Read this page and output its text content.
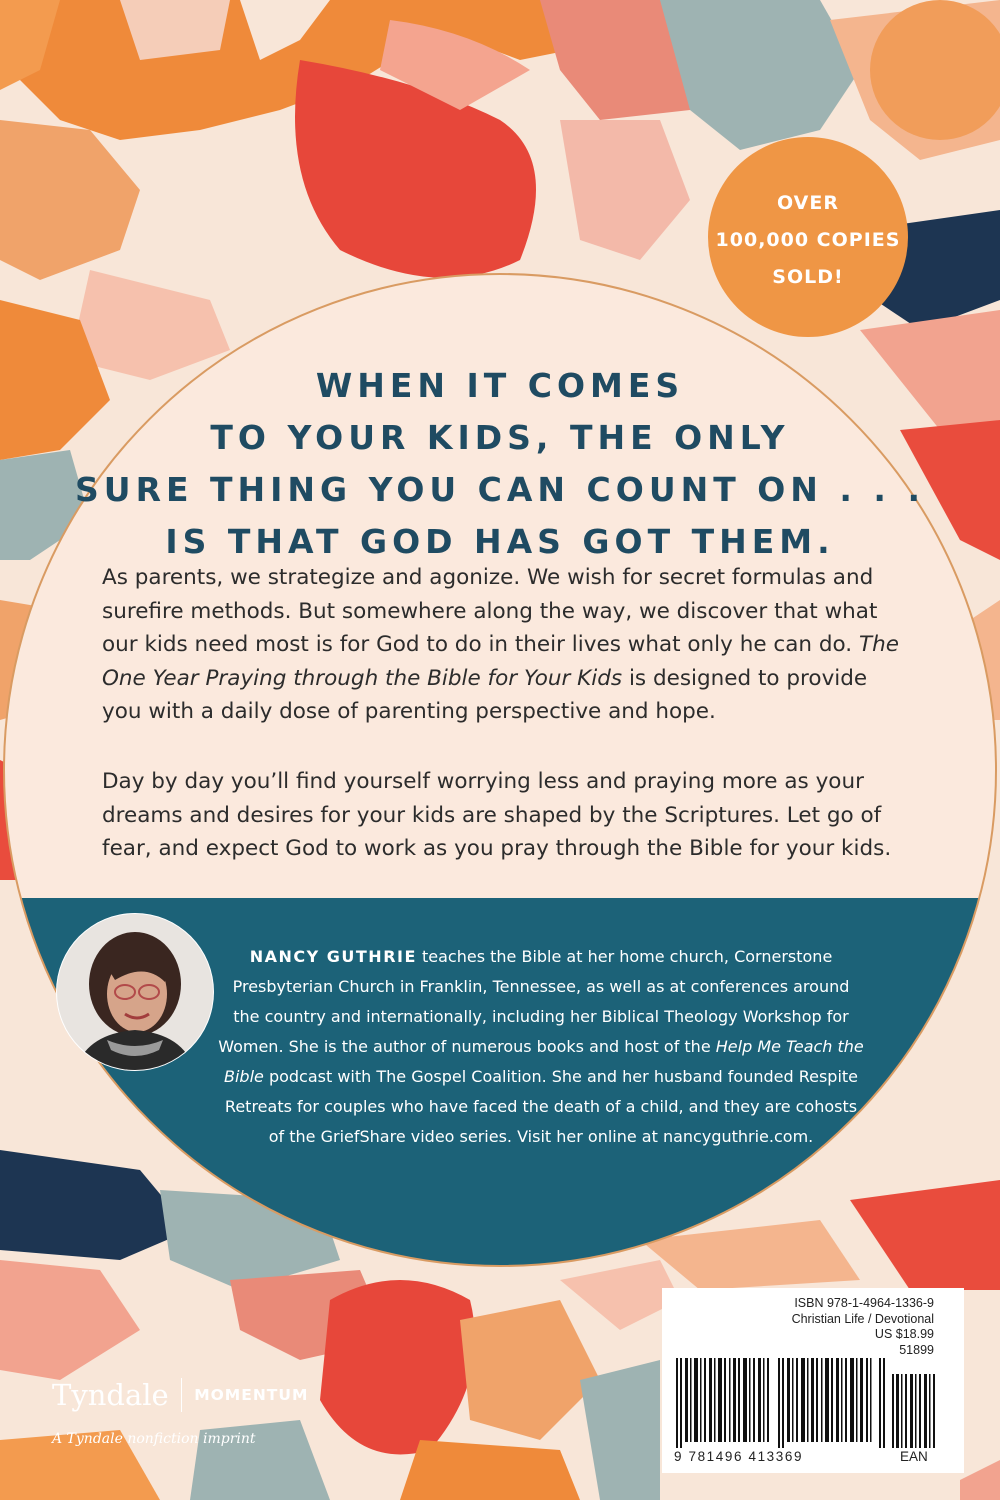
OVER
100,000 COPIES
SOLD!
WHEN IT COMES
TO YOUR KIDS, THE ONLY
SURE THING YOU CAN COUNT ON . . .
IS THAT GOD HAS GOT THEM.

As parents, we strategize and agonize. We wish for secret formulas and surefire methods. But somewhere along the way, we discover that what our kids need most is for God to do in their lives what only he can do. The One Year Praying through the Bible for Your Kids is designed to provide you with a daily dose of parenting perspective and hope.

Day by day you’ll find yourself worrying less and praying more as your dreams and desires for your kids are shaped by the Scriptures. Let go of fear, and expect God to work as you pray through the Bible for your kids.

NANCY GUTHRIE teaches the Bible at her home church, Cornerstone Presbyterian Church in Franklin, Tennessee, as well as at conferences around the country and internationally, including her Biblical Theology Workshop for Women. She is the author of numerous books and host of the Help Me Teach the Bible podcast with The Gospel Coalition. She and her husband founded Respite Retreats for couples who have faced the death of a child, and they are cohosts of the GriefShare video series. Visit her online at nancyguthrie.com.
ISBN 978-1-4964-1336-9
Christian Life / Devotional
US $18.99
51899
9 781496 413369	EAN
Tyndale MOMENTUM
A Tyndale nonfiction imprint
